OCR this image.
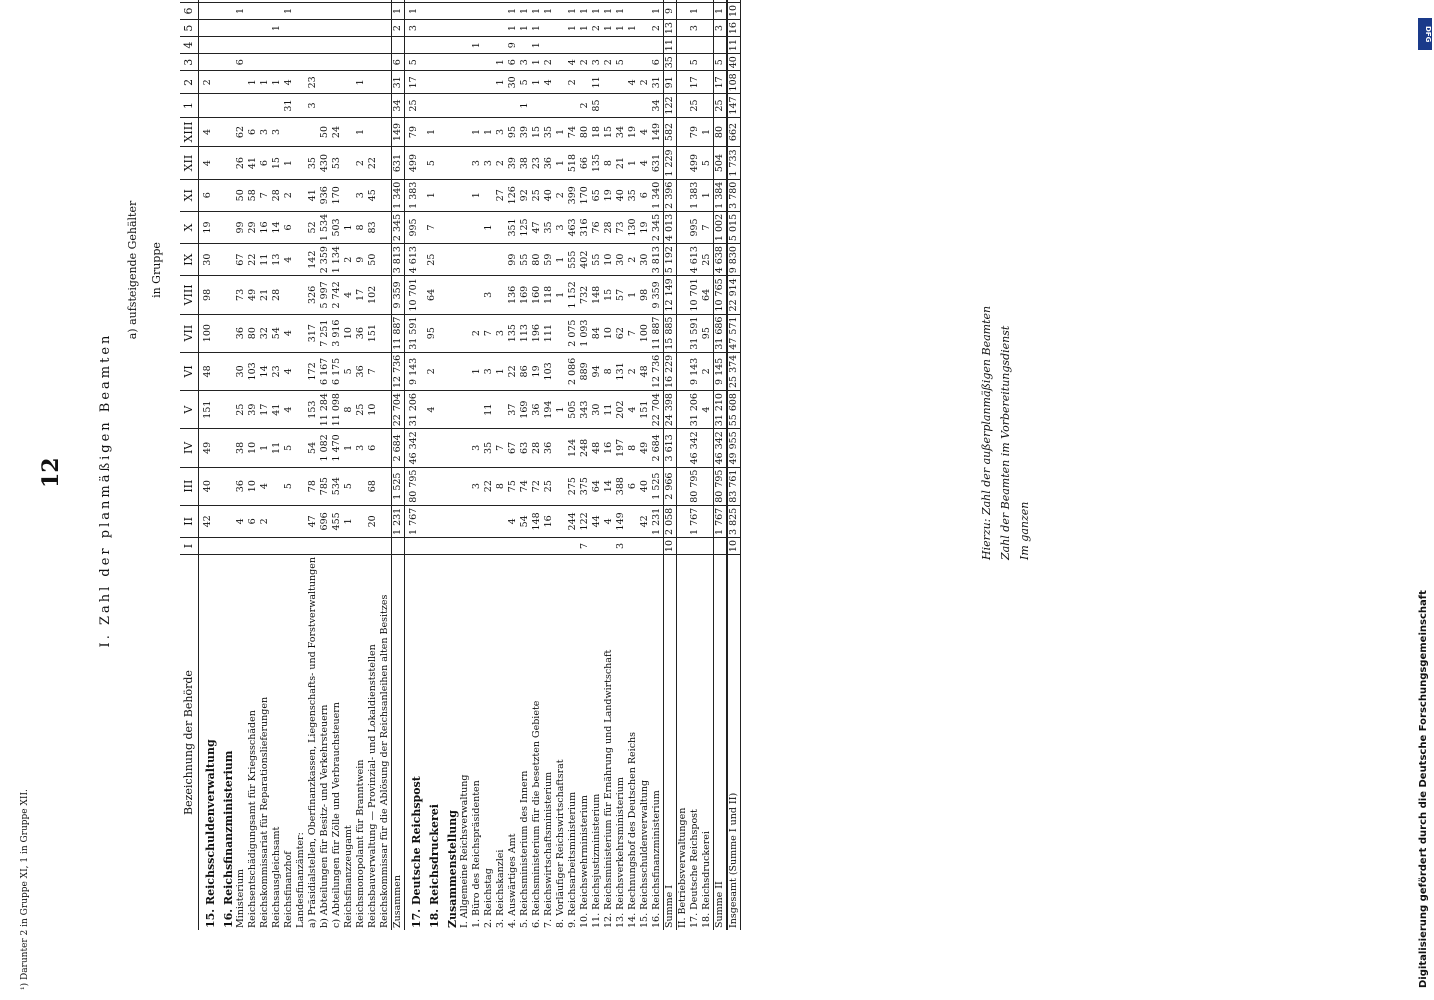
12	I. Zahl der planmäßigen Beamten
a) aufsteigende Gehälter in Gruppe
Bezeichnung der Behörde	I	II	III	IV	V	VI	VII	VIII	IX	X	XI	XII	XIII	1	2	3	4	5	6	
15. Reichsschuldenverwaltung		42	40	49	151	48	100	98	30	19	6	4	4		2					
16. Reichsfinanzministerium																				
Ministerium		4	36	38	25	30	36	73	67	99	50	26	62			6			1	
Reichsentschädigungsamt für Kriegsschäden		6	10	10	39	103	80	49	22	29	58	41	6		1					
Reichskommissariat für Reparationslieferungen		2	4	1	17	14	32	21	11	16	7	6	3		1					
Reichsausgleichsamt				11	41	23	54	28	13	14	28	15	3		1			1		
Reichsfinanzhof			5	5	4	4	4		4	6	2	1		31	4				1	
Landesfinanzämter:																				
a) Präsidialstellen, Oberfinanzkassen, Liegenschafts- und Forstverwaltungen		47	78	54	153	172	317	326	142	52	41	35		3	23					
b) Abteilungen für Besitz- und Verkehrsteuern		696	785	1 082	11 284	6 167	7 251	5 997	2 359	1 534	936	430	50							
c) Abteilungen für Zölle und Verbrauchsteuern		455	534	1 470	11 098	6 175	3 916	2 742	1 134	503	170	53	24							
Reichsfinanzzeugamt		1	5	1	8	5	10	4	2	1										
Reichsmonopolamt für Branntwein				3	25	36	36	17	9	8	3	2	1		1					
Reichsbauverwaltung — Provinzial- und Lokaldienststellen		20	68	6	10	7	151	102	50	83	45	22								
Reichskommissar für die Ablösung der Reichsanleihen alten Besitzes																				
Zusammen		1 231	1 525	2 684	22 704	12 736	11 887	9 359	3 813	2 345	1 340	631	149	34	31	6		2	1	
17. Deutsche Reichspost		1 767	80 795	46 342	31 206	9 143	31 591	10 701	4 613	995	1 383	499	79	25	17	5		3	1	
18. Reichsdruckerei					4	2	95	64	25	7	1	5	1							
Zusammenstellung																				
I. Allgemeine Reichsverwaltung																				
1. Büro des Reichspräsidenten			3	3		1	2				1	3	1				1			
2. Reichstag			22	35	11	3	7	3		1		3	1							
3. Reichskanzlei			8	7		1	3				27	2	3		1	1				
4. Auswärtiges Amt		4	75	67	37	22	135	136	99	351	126	39	95		30	6	9	1	1	
5. Reichsministerium des Innern		54	74	63	169	86	113	169	55	125	92	38	39	1	5	3		1	1	
6. Reichsministerium für die besetzten Gebiete		148	72	28	36	19	196	160	80	47	25	23	15		1	1	1	1	1	
7. Reichswirtschaftsministerium		16	25	36	194	103	111	118	59	35	40	36	35		4	2			1	
8. Vorläufiger Reichswirtschaftsrat					1			1	1	3	2	1	1							
9. Reichsarbeitsministerium		244	275	124	505	2 086	2 075	1 152	555	463	399	518	74		2	4		1	1	
10. Reichswehrministerium	7	122	375	248	343	889	1 093	732	402	316	170	66	80	2		2		1	1	
11. Reichsjustizministerium		44	64	48	30	94	84	148	55	76	65	135	18	85	11	3		2	1	
12. Reichsministerium für Ernährung und Landwirtschaft		4	14	16	11	8	10	15	10	28	19	8	15			2		1	1	
13. Reichsverkehrsministerium	3	149	388	197	202	131	62	57	30	73	40	21	34			5		1	1	
14. Rechnungshof des Deutschen Reichs			6	8	4	2	7	1	2	130	35	1	19		4			1		
15. Reichsschuldenverwaltung		42	40	49	151	48	100	98	30	19	6	4	4		2					
16. Reichsfinanzministerium		1 231	1 525	2 684	22 704	12 736	11 887	9 359	3 813	2 345	1 340	631	149	34	31	6		2	1	
Summe I	10	2 058	2 966	3 613	24 398	16 229	15 885	12 149	5 192	4 013	2 396	1 229	582	122	91	35	11	13	9	
II. Betriebsverwaltungen																				
17. Deutsche Reichspost		1 767	80 795	46 342	31 206	9 143	31 591	10 701	4 613	995	1 383	499	79	25	17	5		3	1	
18. Reichsdruckerei					4	2	95	64	25	7	1	5	1							
Summe II		1 767	80 795	46 342	31 210	9 145	31 686	10 765	4 638	1 002	1 384	504	80	25	17	5		3	1	
Insgesamt (Summe I und II)	10	3 825	83 761	49 955	55 608	25 374	47 571	22 914	9 830	5 015	3 780	1 733	662	147	108	40	11	16	10	
Hierzu: Zahl der außerplanmäßigen Beamten Zahl der Beamten im Vorbereitungsdienst Im ganzen
DFG
Digitalisierung gefördert durch die Deutsche Forschungsgemeinschaft
¹) Darunter 2 in Gruppe XI, 1 in Gruppe XII.
